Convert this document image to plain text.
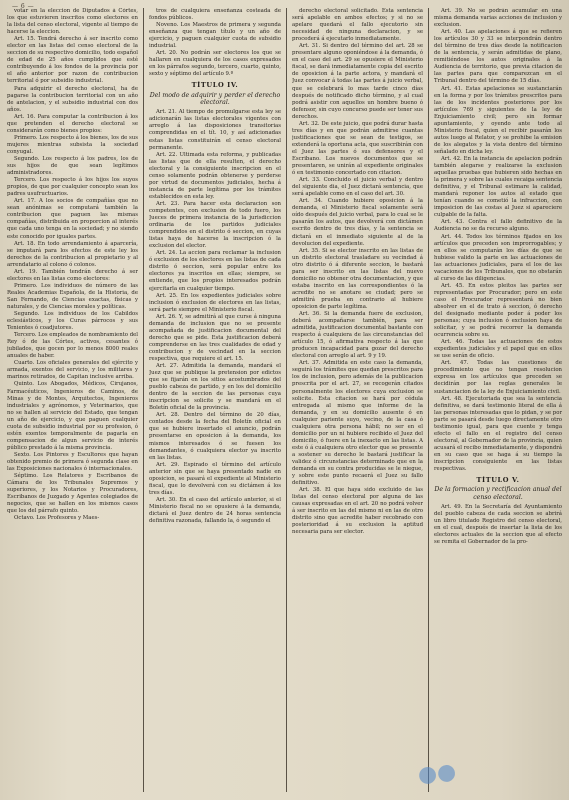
— 6 —

votar en la eleccion de Diputados á Córtes, los que estuvieren inscritos como electores en la lista del censo electoral, vigente al tiempo de hacerse la eleccion.

Art. 15. Tendrá derecho á ser inscrito como elector en las listas del censo electoral de la seccion de su respectivo domicilio, todo español de edad de 25 años cumplidos que esté contribuyendo á los fondos de la provincia por el año anterior por razon de contribucion territorial ó por subsidio industrial.

Para adquirir el derecho electoral, ha de pagarse la contribucion territorial con un año de antelacion, y el subsidio industrial con dos años.

Art. 16. Para computar la contribucion á los que pretenden el derecho electoral se considerarán como bienes propios:

Primero. Los respecto á los bienes, los de sus mujeres mientras subsista la sociedad conyugal.

Segundo. Los respecto á los padres, los de sus hijos de que sean legítimos administradores.

Tercero. Los respecto á los hijos los suyos propios, de que por cualquier concepto sean los padres usufructuarios.

Art. 17. A los socios de compañías que no sean anónimas se computará también la contribucion que paguen las mismas compañías, distribuida en proporcion al interés que cada uno tenga en la sociedad; y no siendo este conocido por iguales partes.

Art. 18. En todo arrendamiento á aparcería, se imputará para los efectos de este ley los derechos de la contribucion al propietario y al arrendatario al colono ó colonos.

Art. 19. También tendrán derecho á ser electores en las listas como electores:

Primero. Los individuos de número de las Reales Academias Española, de la Historia, de San Fernando, de Ciencias exactas, físicas y naturales, y de Ciencias morales y políticas.

Segundo. Los individuos de los Cabildos eclesiásticos, y los Curas párrocos y sus Tenientes ó coadjutores.

Tercero. Los empleados de nombramiento del Rey ó de las Córtes, activos, cesantes ó jubilados, que gocen por lo menos 8000 reales anuales de haber.

Cuarto. Los oficiales generales del ejército y armada, exentos del servicio, y los militares y marinos retirados, de Capitan inclusive arriba.

Quinto. Los Abogados, Médicos, Cirujanos, Farmacéuticos, Ingenieros de Caminos, de Minas y de Montes, Arquitectos, Ingenieros industriales y agrónomos, y Veterinarios, que no se hallen al servicio del Estado, que tengan un año de ejercicio, y que paguen cualquier cuota de subsidio industrial por su profesion, ó estén exentos temporalmente de pagarla en compensacion de algun servicio de interés público prestado á la misma provincia.

Sexto. Los Pintores y Escultores que hayan obtenido premio de primera ó segunda clase en las Exposiciones nacionales ó internacionales.

Séptimo. Los Relatores y Escribanos de Cámara de los Tribunales Supremos y superiores, y los Notarios y Procuradores, Escribanos de Juzgado y Agentes colegiados de negocios, que se hallen en los mismos casos que los del párrafo quinto.

Octavo. Los Profesores y Maes-

tros de cualquiera enseñanza costeada de fondos públicos.

Noveno. Los Maestros de primera y segunda enseñanza que tengan título y un año de ejercicio, y paguen cualquier cuota de subsidio industrial.

Art. 20. No podrán ser electores los que se hallaren en cualquiera de los casos expresados en los párrafos segundo, tercero, cuarto, quinto, sexto y séptimo del artículo 9.º

TÍTULO IV.
Del modo de adquirir y perder el derecho electoral.

Art. 21. Al tiempo de promulgarse esta ley se adicionarán las listas electorales vigentes con arreglo á las disposiciones transitorias comprendidas en el tít. 10, y así adicionadas estas listas constituirán el censo electoral permanente.

Art. 22. Ultimada esta reforma, y publicadas las listas que de ella resulten, el derecho electoral y la consiguiente inscripcion en el censo solamente podrán obtenerse y perderse por virtud de documentos judiciales, hecha á instancia de parte legítima por los trámites establecidos en esta ley.

Art. 23. Para hacer esta declaracion son competentes, con exclusion de todo fuero, los Jueces de primera instancia de la jurisdiccion ordinaria de los partidos judiciales comprendidos en el distrito ó seccion, en cuyas listas haya de hacerse la inscripcion ó la exclusion del elector.

Art. 24. La accion para reclamar la inclusion ó exclusion de los electores en las listas de cada distrito ó seccion, será popular entre los electores ya inscritos en ellas; siempre, se entiende, que los propios interesados podrán ejercitarla en cualquier tiempo.

Art. 25. En los expedientes judiciales sobre inclusion ó exclusion de electores en las listas, será parte siempre el Ministerio fiscal.

Art. 26. Y, se admitirá al que curse á ninguna demanda de inclusion que no se presente acompañada de justificacion documental del derecho que se pide. Esta justificacion deberá comprenderse en las tres cualidades de edad y contribucion y de vecindad en la seccion respectiva, que requiere el art. 15.

Art. 27. Admitida la demanda, mandará el Juez que se publique la pretension por edictos que se fijarán en los sitios acostumbrados del pueblo cabeza de partido, y en los del domicilio dentro de la seccion de las personas cuya inscripcion se solicite y se mandará en el Boletín oficial de la provincia.

Art. 28. Dentro del término de 20 días, contados desde la fecha del Boletín oficial en que se hubiere insertado el anuncio, podrán presentarse en oposicion á la demanda, los mismos interesados ó se fuesen los demandantes, ó cualquiera elector ya inscrito en las listas.

Art. 29. Espirado el término del artículo anterior sin que se haya presentado nadie en oposicion, se pasará el expediente al Ministerio fiscal, que lo devolverá con su dictámen á los tres días.

Art. 30. En el caso del artículo anterior, si el Ministerio fiscal no se opusiere á la demanda, dictará el Juez dentro de 24 horas sentencia definitiva razonada, fallando la, ó segundo el

derecho electoral solicitado. Esta sentencia será apelable en ambos efectos; y si no se apelare quedará el fallo ejecutorio sin necesidad de ninguna declaracion, y se procederá á ejecutarlo inmediatamente.

Art. 31. Si dentro del término del art. 28 se presentare alguno oponiéndose á la demanda, ó en el caso del art. 29 se opusiere el Ministerio fiscal, se dará inmediatamente copia del escrito de oposicion á la parte actora, y mandará el Juez convocar á todas las partes á juicio verbal, que se celebrará lo mas tarde cinco días después de notificado dicho término, y al cual podrá asistir con aquellos un hombre bueno ó defensor, sin cuyo concurso puede ser tener sus derechos.

Art. 32. De este juicio, que podrá durar hasta tres días y en que podrán admitirse cuantas justificaciones que se sean de testigos, se extenderá la oportuna acta, que suscribirán con el Juez las partes ó sus defensores y el Escribano. Los nuevos documentos que se presentaren, se unirán al expediente originales ó en testimonio concertado con citacion.

Art. 33. Concluido el juicio verbal y dentro del siguiente dia, el Juez dictará sentencia, que será apelable como en el caso del art. 30.

Art. 34. Cuando hubiere oposicion á la demanda, el Ministerio fiscal solamente será oído después del juicio verbal, para lo cual se le pasarán los autos, que devolverá con dictámen escrito dentro de tres días, y la sentencia se dictará en el inmediato siguiente al de la devolucion del expediente.

Art. 35. Si se elector inscrito en las listas de un distrito electoral trasladare su vecindad á otro distrito ó á diferente seccion, le bastará para ser inscrito en las listas del nuevo domicilio no obtener otra documentacion, y que estaba inscrito en las correspondientes ó la acredite no se anotare se ciudad; pero se admitirá prueba en contrario al hubiere oposicion de parte legítima.

Art. 36. Si la demanda fuere de exclusion, deberá acompañarse también, para ser admitida, justificacion documental bastante con respecto á cualquiera de las circunstancias del artículo 15, ó afirmativa respecto á las que producen incapacidad para gozar del derecho electoral con arreglo al art. 9 y 19.

Art. 37. Admitida en este caso la demanda, seguirá los trámites que quedan prescritos para los de inclusion, pero además de la publicacion prescrita por el art. 27, se recogerán citados personalmente los electores cuya exclusion se solicite. Esta citacion se hará por cédula entregada al mismo que informe de la demanda, y en su domicilio ausente ó en cualquier pariente suyo, vecino, de la casa ó cualquiera otra persona hábil; no ser en el domicilio por un ni hubiere recibido el Juez del domicilio, ó fuere en la inexacto en las listas. A este ó á cualquiera otro elector que se presente a sostener su derecho le bastará justificar la validez ó circunstancias determinado que en la demanda en su contra producidas se le niegue, y sobre este punto recaerá el Juez su fallo definitivo.

Art. 38. El que haya sido excluido de las listas del censo electoral por alguna de las causas expresadas en el art. 20 no podrá volver á ser inscrito en las del mismo ni en las de otro distrito sino que acredite haber recobrado con posterioridad á su exclusion la aptitud necesaria para ser elector.

Art. 39. No se podrán acumular en una misma demanda varias acciones de inclusion y exclusion.

Art. 40. Las apelaciones á que se refieren los artículos 30 y 33 se interpondrán dentro del término de tres días desde la notificacion de la sentencia, y serán admitidas de plano, remitiéndose los autos originales á la Audiencia de territorio, que previa citacion de las partes para que comparezcan en el Tribunal dentro del término de 15 días.

Art. 41. Estas apelaciones se sustanciarán en la forma y por los trámites prescritos para las de los incidentes posteriores por los artículos 769 y siguientes de la ley de Enjuiciamiento civil; pero sin formar apuntamiento, y oyendo ante todo al Ministerio fiscal, quien el recibir pasarán los autos luego al Relator, y se prohibe la emision de los alegatos y la vista dentro del término señalado en dicha ley.

Art. 42. En la instancia de apelacion podrán también alegarse y realizarse la exclusion aquellas pruebas que hubieren sido hechas en la primera y sobre las cuales recaiga sentencia definitiva, y el Tribunal estimare la calidad, mandará reponer los autos al estado que tenían cuando se cometió la infraccion, con imposicion de las costas al Juez si apareciere culpable de la falta.

Art. 43. Contra el fallo definitivo de la Audiencia no se da recurso alguno.

Art. 44. Todos los términos fijados en los artículos que preceden son improrrogables; y en ellos se computarán los días de que se hubiese valido la parte en las actuaciones de las actuaciones judiciales, para el los de las vacaciones de los Tribunales, que no obstarán al curso de las diligencias.

Art. 45. En estos pleitos las partes ser representadas por Procurador; pero en este caso el Procurador representará no bien absolver en el de trato á seccion, ó derecho del designado mediante poder á poder los personas; cuya inclusion ó exclusion haya de solicitar, y se podrá recorrer la demanda ocurrencia sobre su.

Art. 46. Todas las actuaciones de estos expedientes judiciales y el papel que en ellos se use serán de oficio.

Art. 47. Todas las cuestiones de procedimiento que no tengan resolucion expresa en los artículos que preceden se decidirán por las reglas generales le sustanciacion de la ley de Enjuiciamiento civil.

Art. 48. Ejecutoriada que sea la sentencia definitiva, se dará testimonio literal de ella á las personas interesadas que lo pidan, y se por parte se pasará desde luego directamente otro testimonio igual, para que cuente y tenga efecto el fallo en el registro del censo electoral, al Gobernador de la provincia, quien acusará el recibo inmediatamente, y dispondrá en su caso que se haga á su tiempo la inscripcion consiguiente en las listas respectivas.

TÍTULO V.
De la formacion y rectificacion anual del censo electoral.

Art. 49. En la Secretaría del Ayuntamiento del pueblo cabeza de cada seccion se abrirá un libro titulado Registro del censo electoral, en el cual, después de insertar la lista de los electores actuales de la seccion que al efecto se remita el Gobernador de la pro-

●●
